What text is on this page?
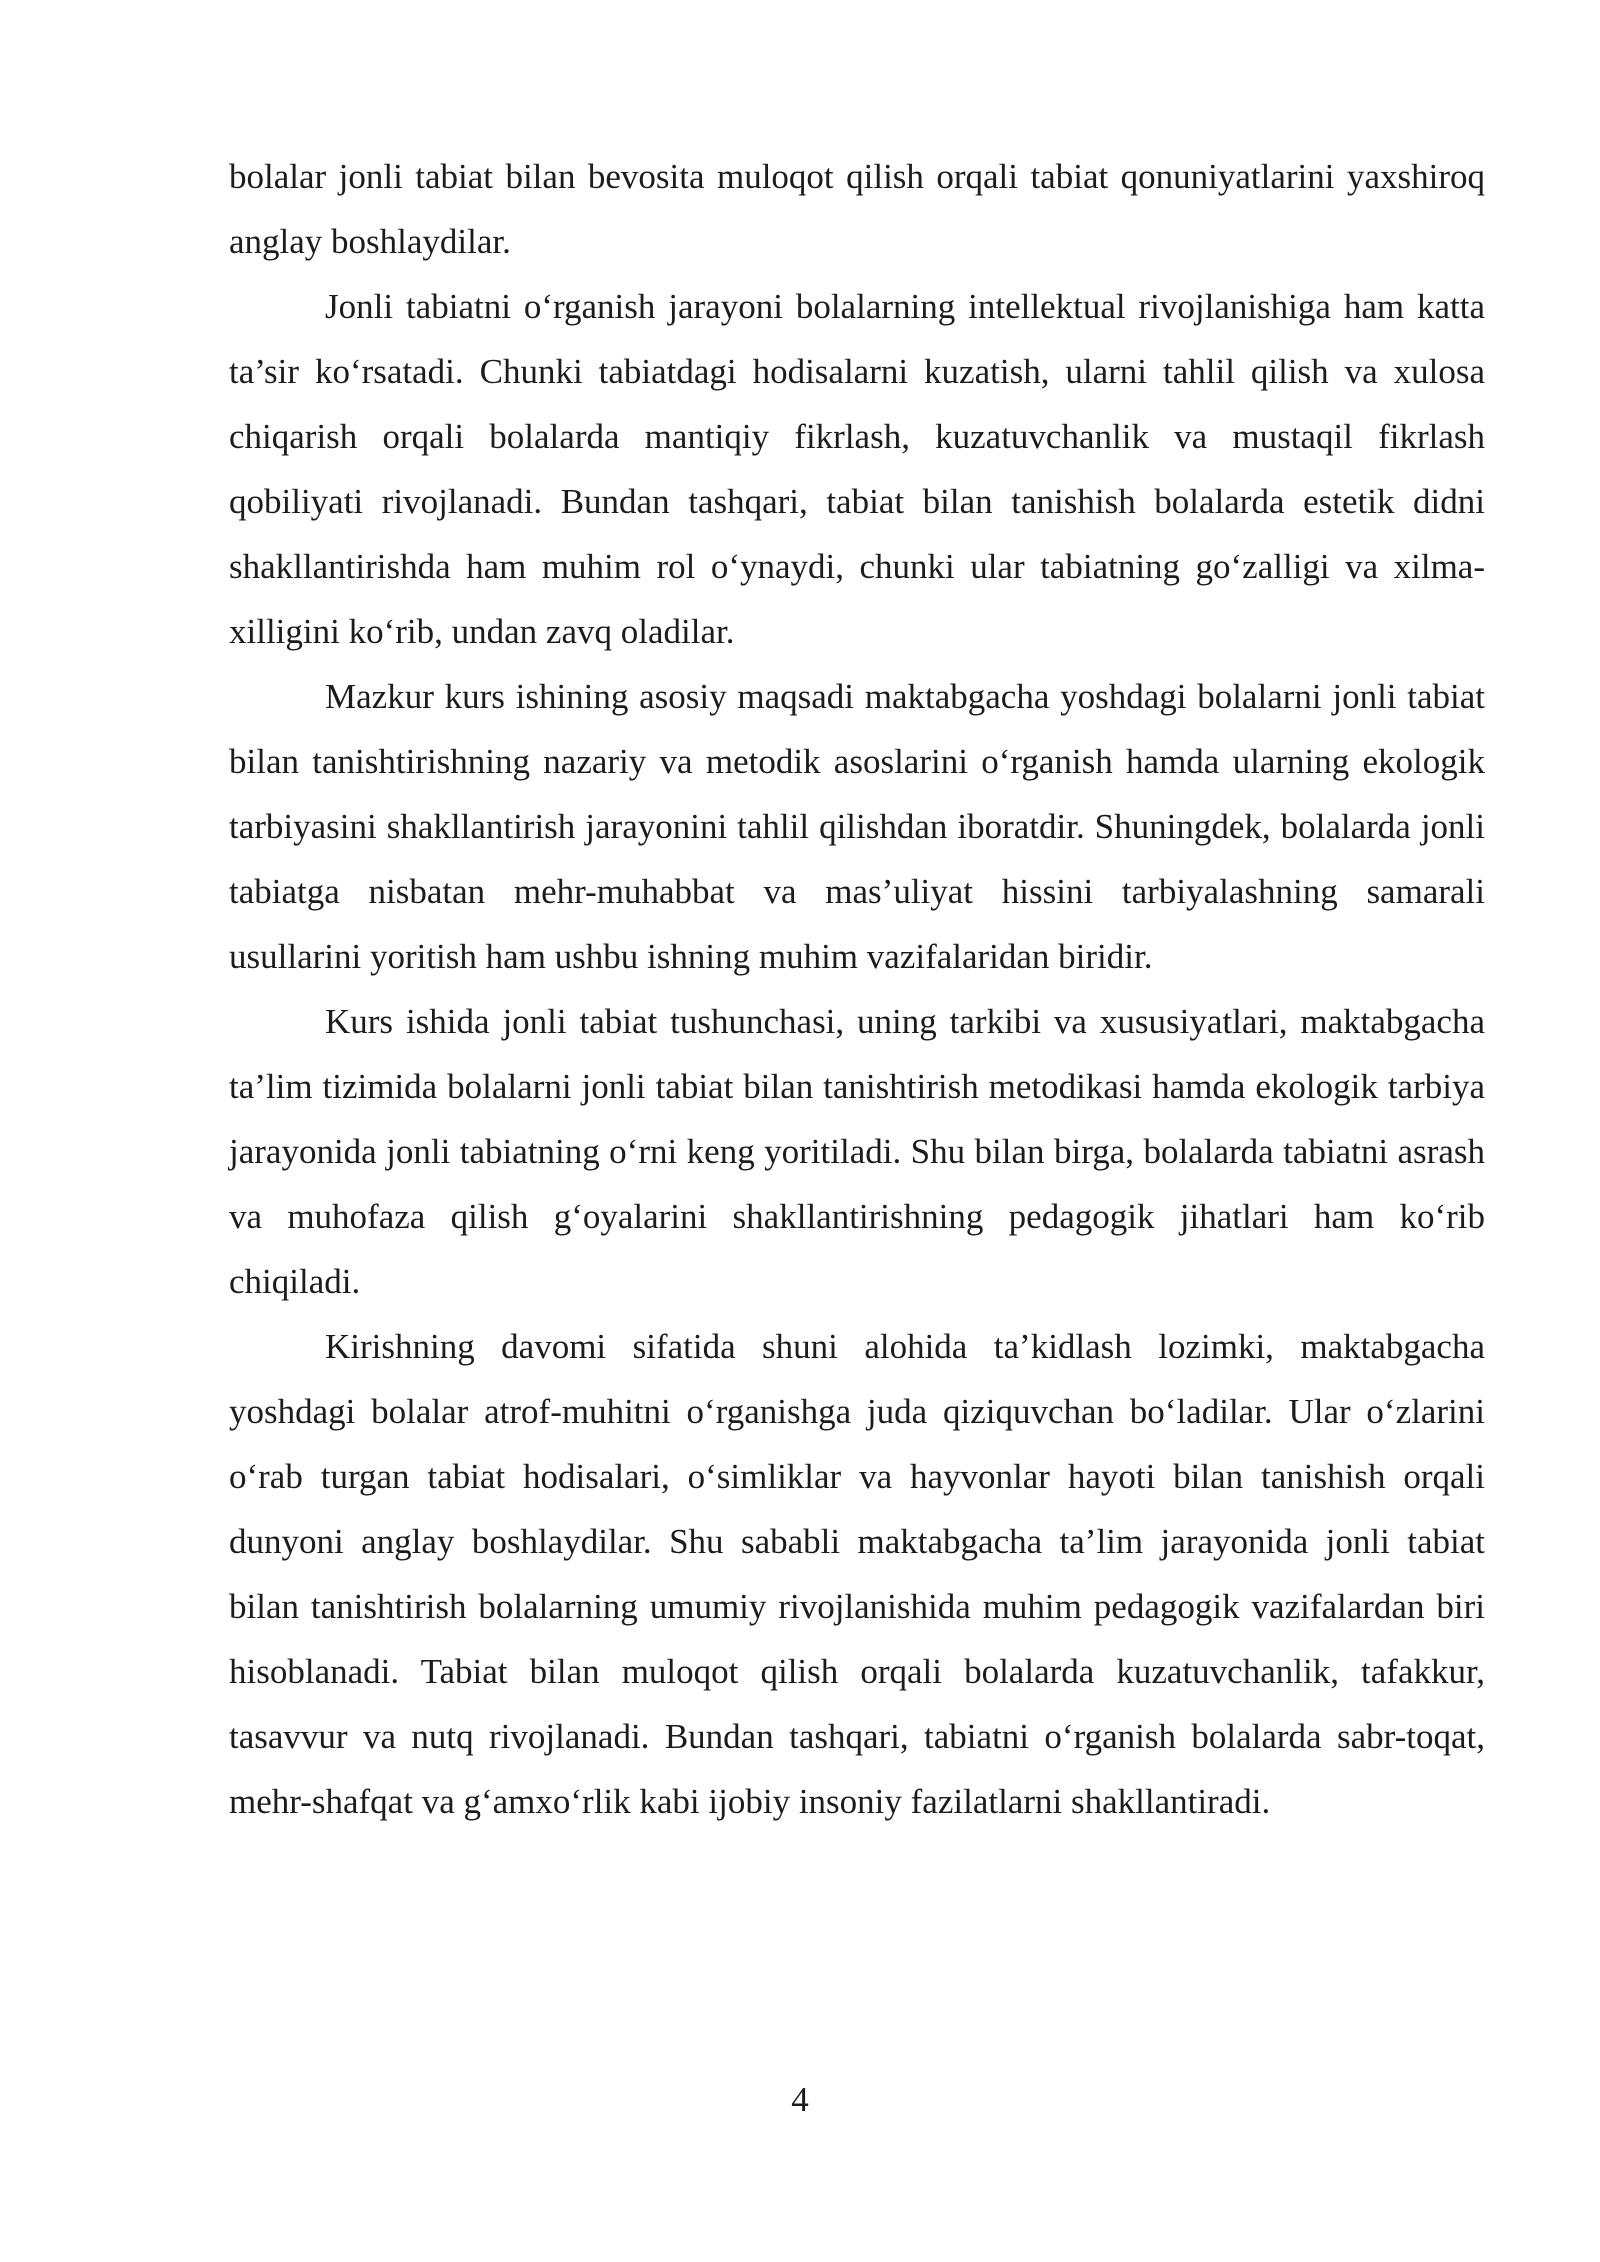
bolalar jonli tabiat bilan bevosita muloqot qilish orqali tabiat qonuniyatlarini yaxshiroq anglay boshlaydilar.

Jonli tabiatni o‘rganish jarayoni bolalarning intellektual rivojlanishiga ham katta ta’sir ko‘rsatadi. Chunki tabiatdagi hodisalarni kuzatish, ularni tahlil qilish va xulosa chiqarish orqali bolalarda mantiqiy fikrlash, kuzatuvchanlik va mustaqil fikrlash qobiliyati rivojlanadi. Bundan tashqari, tabiat bilan tanishish bolalarda estetik didni shakllantirishda ham muhim rol o‘ynaydi, chunki ular tabiatning go‘zalligi va xilma-xilligini ko‘rib, undan zavq oladilar.

Mazkur kurs ishining asosiy maqsadi maktabgacha yoshdagi bolalarni jonli tabiat bilan tanishtirishning nazariy va metodik asoslarini o‘rganish hamda ularning ekologik tarbiyasini shakllantirish jarayonini tahlil qilishdan iboratdir. Shuningdek, bolalarda jonli tabiatga nisbatan mehr-muhabbat va mas’uliyat hissini tarbiyalashning samarali usullarini yoritish ham ushbu ishning muhim vazifalaridan biridir.

Kurs ishida jonli tabiat tushunchasi, uning tarkibi va xususiyatlari, maktabgacha ta’lim tizimida bolalarni jonli tabiat bilan tanishtirish metodikasi hamda ekologik tarbiya jarayonida jonli tabiatning o‘rni keng yoritiladi. Shu bilan birga, bolalarda tabiatni asrash va muhofaza qilish g‘oyalarini shakllantirishning pedagogik jihatlari ham ko‘rib chiqiladi.

Kirishning davomi sifatida shuni alohida ta’kidlash lozimki, maktabgacha yoshdagi bolalar atrof-muhitni o‘rganishga juda qiziquvchan bo‘ladilar. Ular o‘zlarini o‘rab turgan tabiat hodisalari, o‘simliklar va hayvonlar hayoti bilan tanishish orqali dunyoni anglay boshlaydilar. Shu sababli maktabgacha ta’lim jarayonida jonli tabiat bilan tanishtirish bolalarning umumiy rivojlanishida muhim pedagogik vazifalardan biri hisoblanadi. Tabiat bilan muloqot qilish orqali bolalarda kuzatuvchanlik, tafakkur, tasavvur va nutq rivojlanadi. Bundan tashqari, tabiatni o‘rganish bolalarda sabr-toqat, mehr-shafqat va g‘amxo‘rlik kabi ijobiy insoniy fazilatlarni shakllantiradi.

4
